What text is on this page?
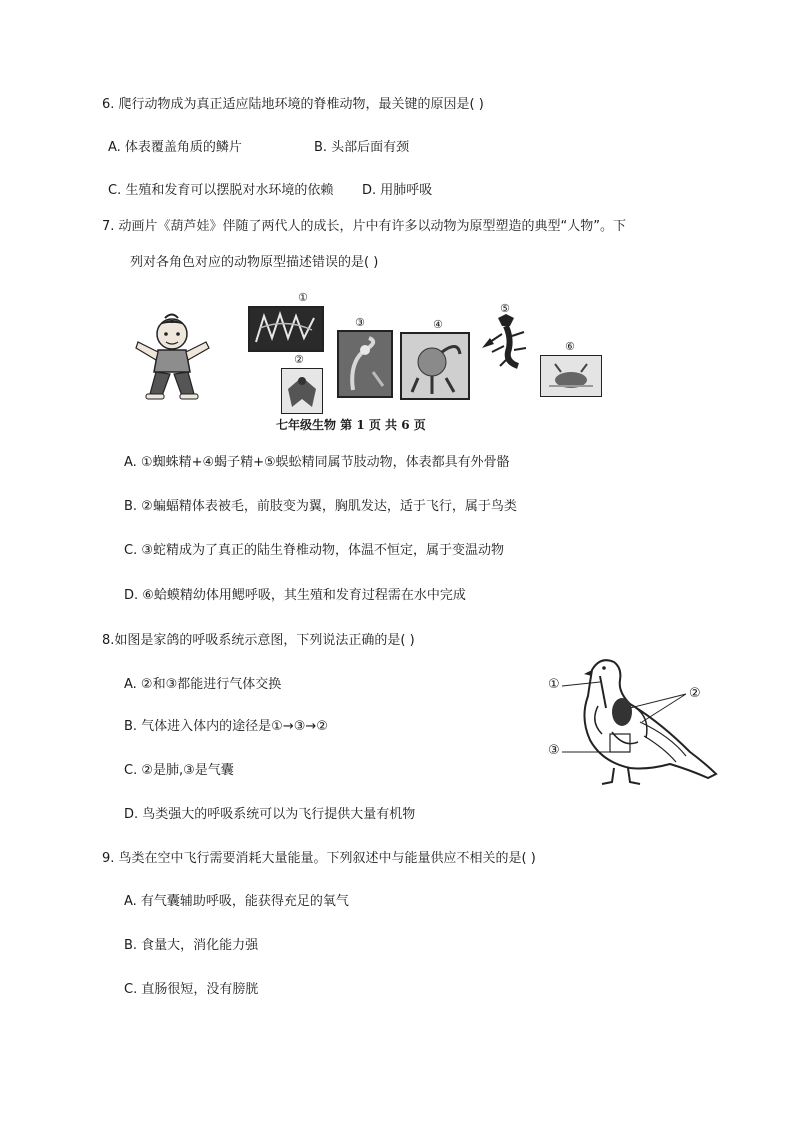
6. 爬行动物成为真正适应陆地环境的脊椎动物，最关键的原因是( )
A. 体表覆盖角质的鳞片	B. 头部后面有颈
C. 生殖和发育可以摆脱对水环境的依赖 D. 用肺呼吸
7. 动画片《葫芦娃》伴随了两代人的成长，片中有许多以动物为原型塑造的典型“人物”。下
列对各角色对应的动物原型描述错误的是( )
①
②
③	④
⑤
⑥
七年级生物 第 1 页 共 6 页
A. ①蜘蛛精+④蝎子精+⑤蜈蚣精同属节肢动物，体表都具有外骨骼
B. ②蝙蝠精体表被毛，前肢变为翼，胸肌发达，适于飞行，属于鸟类
C. ③蛇精成为了真正的陆生脊椎动物，体温不恒定，属于变温动物
D. ⑥蛤蟆精幼体用鳃呼吸，其生殖和发育过程需在水中完成
8.如图是家鸽的呼吸系统示意图，下列说法正确的是( )
A. ②和③都能进行气体交换
B. 气体进入体内的途径是①→③→②
C. ②是肺,③是气囊
D. 鸟类强大的呼吸系统可以为飞行提供大量有机物
①
②
③
9. 鸟类在空中飞行需要消耗大量能量。下列叙述中与能量供应不相关的是( )
A. 有气囊辅助呼吸，能获得充足的氧气
B. 食量大，消化能力强
C. 直肠很短，没有膀胱
